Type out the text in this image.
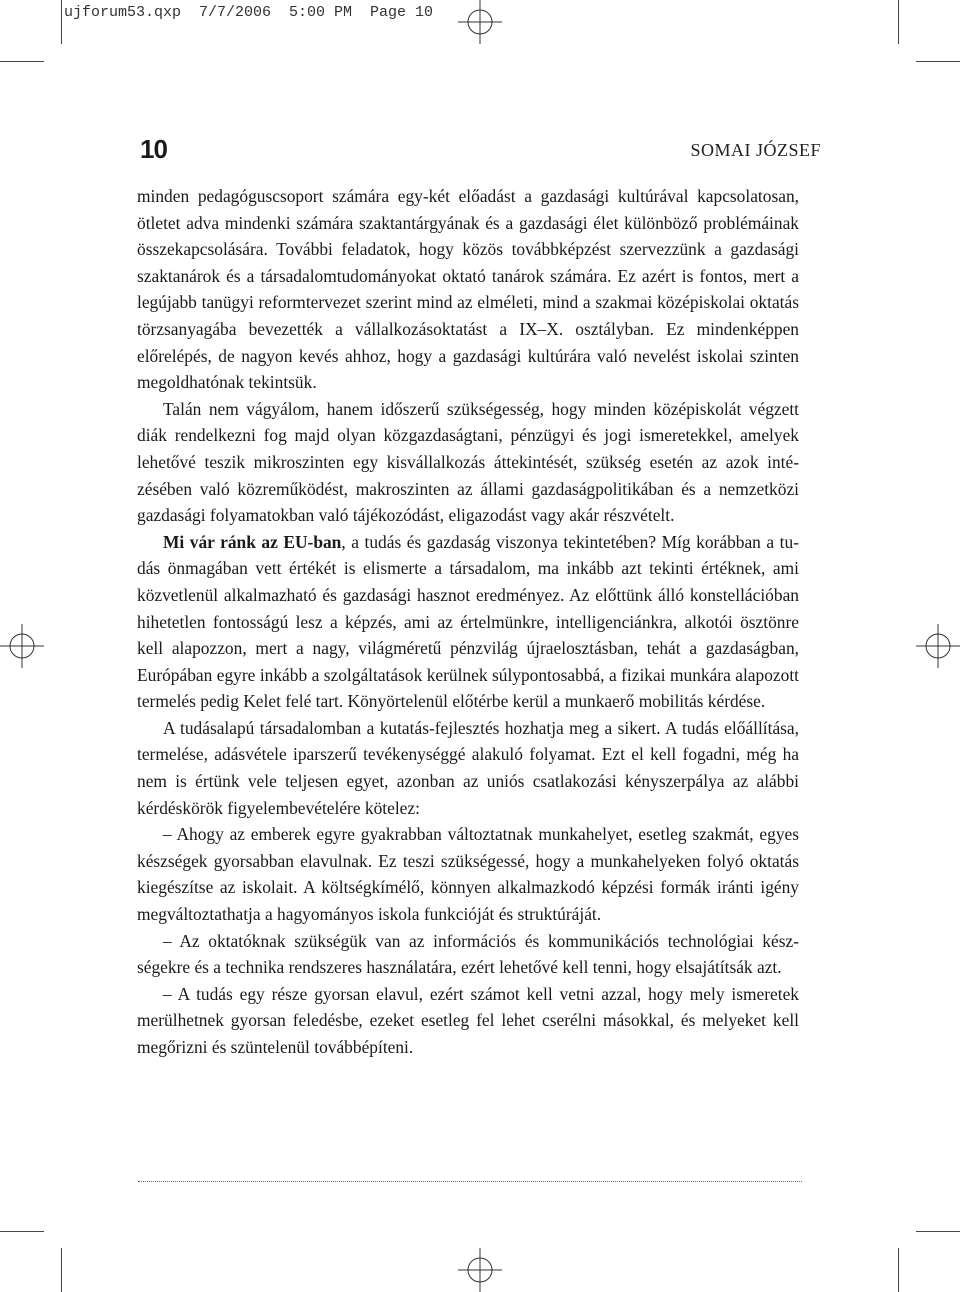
ujforum53.qxp  7/7/2006  5:00 PM  Page 10
10	SOMAI JÓZSEF

minden pedagóguscsoport számára egy-két előadást a gazdasági kultúrával kapcsolatosan, ötletet adva mindenki számára szaktantárgyának és a gazdasági élet különböző problémáinak összekapcsolására. További feladatok, hogy közös továbbképzést szervezzünk a gazdasági szaktanárok és a társadalomtudományokat oktató tanárok számára. Ez azért is fontos, mert a legújabb tanügyi reformtervezet szerint mind az elméleti, mind a szakmai középiskolai oktatás törzsanyagába bevezették a vállalkozásoktatást a IX–X. osztályban. Ez mindenképpen előrelépés, de nagyon kevés ahhoz, hogy a gazdasági kultúrára való nevelést iskolai szinten megoldhatónak tekintsük.

Talán nem vágyálom, hanem időszerű szükségesség, hogy minden középiskolát végzett diák rendelkezni fog majd olyan közgazdaságtani, pénzügyi és jogi ismeretekkel, amelyek lehetővé teszik mikroszinten egy kisvállalkozás áttekintését, szükség esetén az azok intézésében való közreműködést, makroszinten az állami gazdaságpolitikában és a nemzetközi gazdasági folyamatokban való tájékozódást, eligazodást vagy akár részvételt.

Mi vár ránk az EU-ban, a tudás és gazdaság viszonya tekintetében? Míg korábban a tudás önmagában vett értékét is elismerte a társadalom, ma inkább azt tekinti értéknek, ami közvetlenül alkalmazható és gazdasági hasznot eredményez. Az előttünk álló konstellációban hihetetlen fontosságú lesz a képzés, ami az értelmünkre, intelligenciánkra, alkotói ösztönre kell alapozzon, mert a nagy, világméretű pénzvilág újraelosztásban, tehát a gazdaságban, Európában egyre inkább a szolgáltatások kerülnek súlypontosabbá, a fizikai munkára alapozott termelés pedig Kelet felé tart. Könyörtelenül előtérbe kerül a munkaerő mobilitás kérdése.

A tudásalapú társadalomban a kutatás-fejlesztés hozhatja meg a sikert. A tudás előállítása, termelése, adásvétele iparszerű tevékenységgé alakuló folyamat. Ezt el kell fogadni, még ha nem is értünk vele teljesen egyet, azonban az uniós csatlakozási kényszerpálya az alábbi kérdéskörök figyelembevételére kötelez:

– Ahogy az emberek egyre gyakrabban változtatnak munkahelyet, esetleg szakmát, egyes készségek gyorsabban elavulnak. Ez teszi szükségessé, hogy a munkahelyeken folyó oktatás kiegészítse az iskolait. A költségkímélő, könnyen alkalmazkodó képzési formák iránti igény megváltoztathatja a hagyományos iskola funkcióját és struktúráját.

– Az oktatóknak szükségük van az információs és kommunikációs technológiai készségekre és a technika rendszeres használatára, ezért lehetővé kell tenni, hogy elsajátítsák azt.

– A tudás egy része gyorsan elavul, ezért számot kell vetni azzal, hogy mely ismeretek merülhetnek gyorsan feledésbe, ezeket esetleg fel lehet cserélni másokkal, és melyeket kell megőrizni és szüntelenül továbbépíteni.
